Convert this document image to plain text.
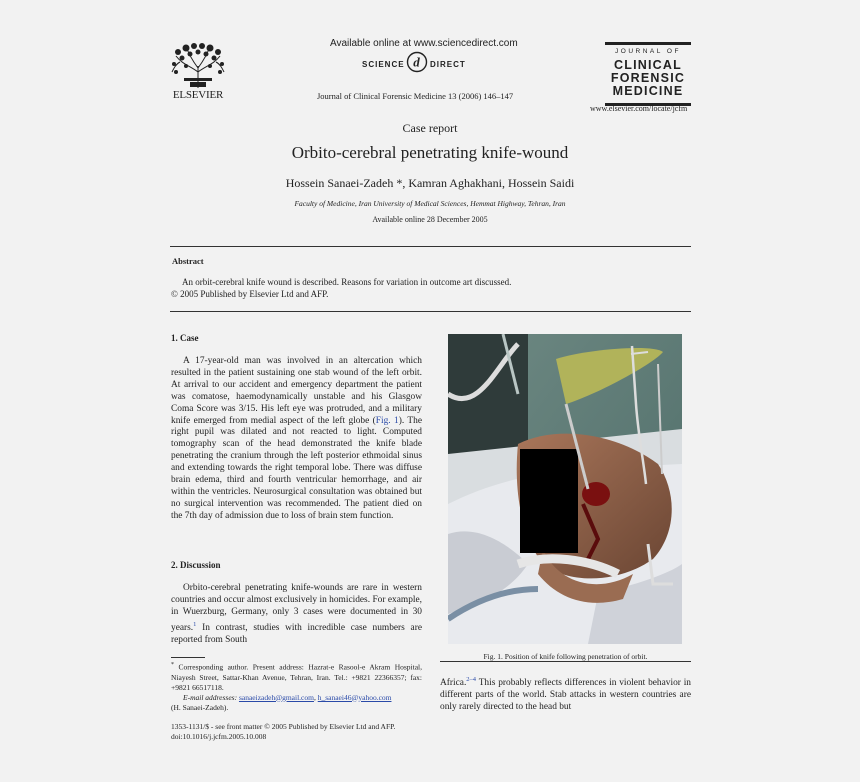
ELSEVIER
Available online at www.sciencedirect.com
SCIENCE d DIRECT
Journal of Clinical Forensic Medicine 13 (2006) 146–147
JOURNAL OF
CLINICAL
FORENSIC
MEDICINE
www.elsevier.com/locate/jcfm
Case report
Orbito-cerebral penetrating knife-wound
Hossein Sanaei-Zadeh *, Kamran Aghakhani, Hossein Saidi
Faculty of Medicine, Iran University of Medical Sciences, Hemmat Highway, Tehran, Iran
Available online 28 December 2005
Abstract
An orbit-cerebral knife wound is described. Reasons for variation in outcome art discussed.
© 2005 Published by Elsevier Ltd and AFP.
1. Case

A 17-year-old man was involved in an altercation which resulted in the patient sustaining one stab wound of the left orbit. At arrival to our accident and emergency department the patient was comatose, haemodynamically unstable and his Glasgow Coma Score was 3/15. His left eye was protruded, and a military knife emerged from medial aspect of the left globe (Fig. 1). The right pupil was dilated and not reacted to light. Computed tomography scan of the head demonstrated the knife blade penetrating the cranium through the left posterior ethmoidal sinus and extending towards the right temporal lobe. There was diffuse brain edema, third and fourth ventricular hemorrhage, and air within the ventricles. Neurosurgical consultation was obtained but no surgical intervention was recommended. The patient died on the 7th day of admission due to loss of brain stem function.

2. Discussion

Orbito-cerebral penetrating knife-wounds are rare in western countries and occur almost exclusively in homicides. For example, in Wuerzburg, Germany, only 3 cases were documented in 30 years.$^1$ In contrast, studies with incredible case numbers are reported from South

Fig. 1. Position of knife following penetration of orbit.
Africa.$^{2-4}$ This probably reflects differences in violent behavior in different parts of the world. Stab attacks in western countries are only rarely directed to the head but
* Corresponding author. Present address: Hazrat-e Rasool-e Akram Hospital, Niayesh Street, Sattar-Khan Avenue, Tehran, Iran. Tel.: +9821 22366357; fax: +9821 66517118.
E-mail addresses: sanaeizadeh@gmail.com, h_sanaei46@yahoo.com
(H. Sanaei-Zadeh).
1353-1131/$ - see front matter © 2005 Published by Elsevier Ltd and AFP.
doi:10.1016/j.jcfm.2005.10.008
